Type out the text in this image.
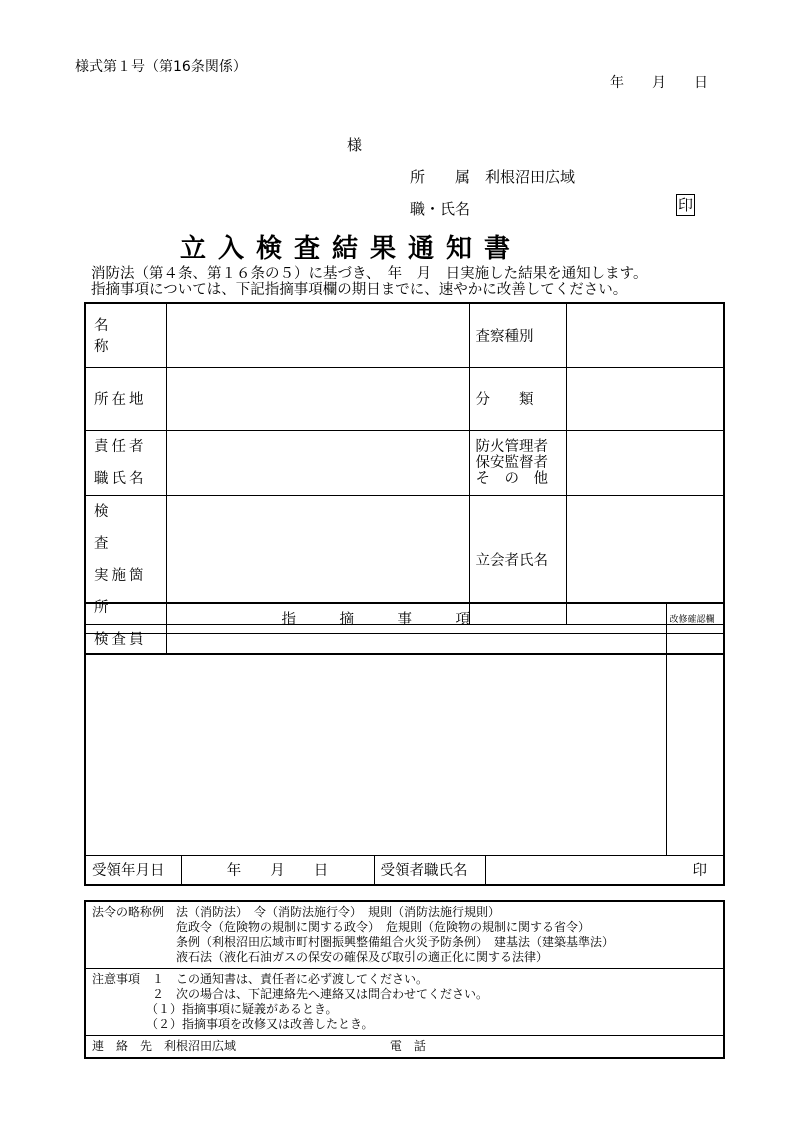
様式第１号（第16条関係）
年　　月　　日
様
所　　属　利根沼田広域
職・氏名	印
立入検査結果通知書
消防法（第４条、第１６条の５）に基づき、　年　月　日実施した結果を通知します。
指摘事項については、下記指摘事項欄の期日までに、速やかに改善してください。
名　　称		査察種別	
所在地		分　　類	

責任者
職氏名		防火管理者
保安監督者
そ　の　他	

検　　査
実施箇所		立会者氏名	
検査員			
指　　　摘　　　事　　　項				改修確認欄

受領年月日	年　　月　　日	受領者職氏名	印	
法令の略称例　法（消防法）　令（消防法施行令）　規則（消防法施行規則）
　　　　　　　危政令（危険物の規制に関する政令）　危規則（危険物の規制に関する省令）
　　　　　　　条例（利根沼田広域市町村圏振興整備組合火災予防条例）　建基法（建築基準法）
　　　　　　　液石法（液化石油ガスの保安の確保及び取引の適正化に関する法律）

注意事項　１　この通知書は、責任者に必ず渡してください。
　　　　　２　次の場合は、下記連絡先へ連絡又は問合わせてください。
　　　　　（１）指摘事項に疑義があるとき。
　　　　　（２）指摘事項を改修又は改善したとき。

連　絡　先　利根沼田広域	電　話
